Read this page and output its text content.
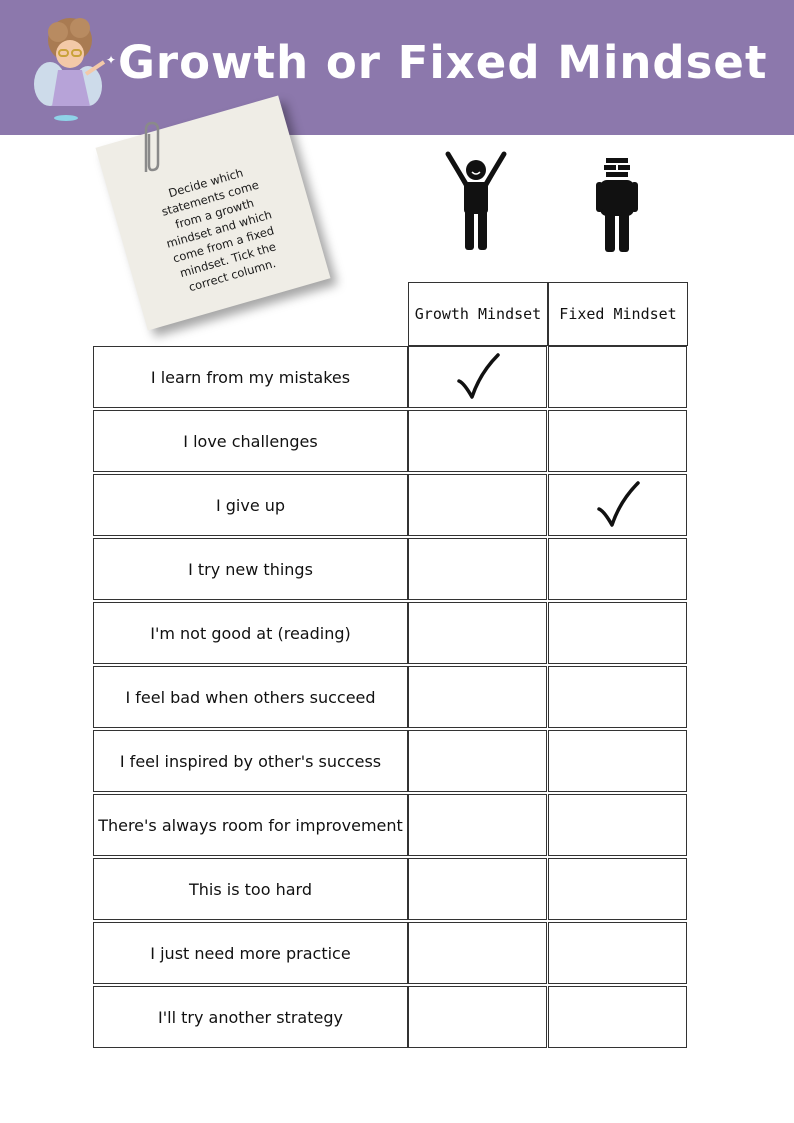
✦ Growth or Fixed Mindset
Decide which statements come from a growth mindset and which come from a fixed mindset. Tick the correct column.
Growth Mindset	Fixed Mindset
I learn from my mistakes
I love challenges
I give up
I try new things
I'm not good at (reading)
I feel bad when others succeed
I feel inspired by other's success
There's always room for improvement
This is too hard
I just need more practice
I'll try another strategy
